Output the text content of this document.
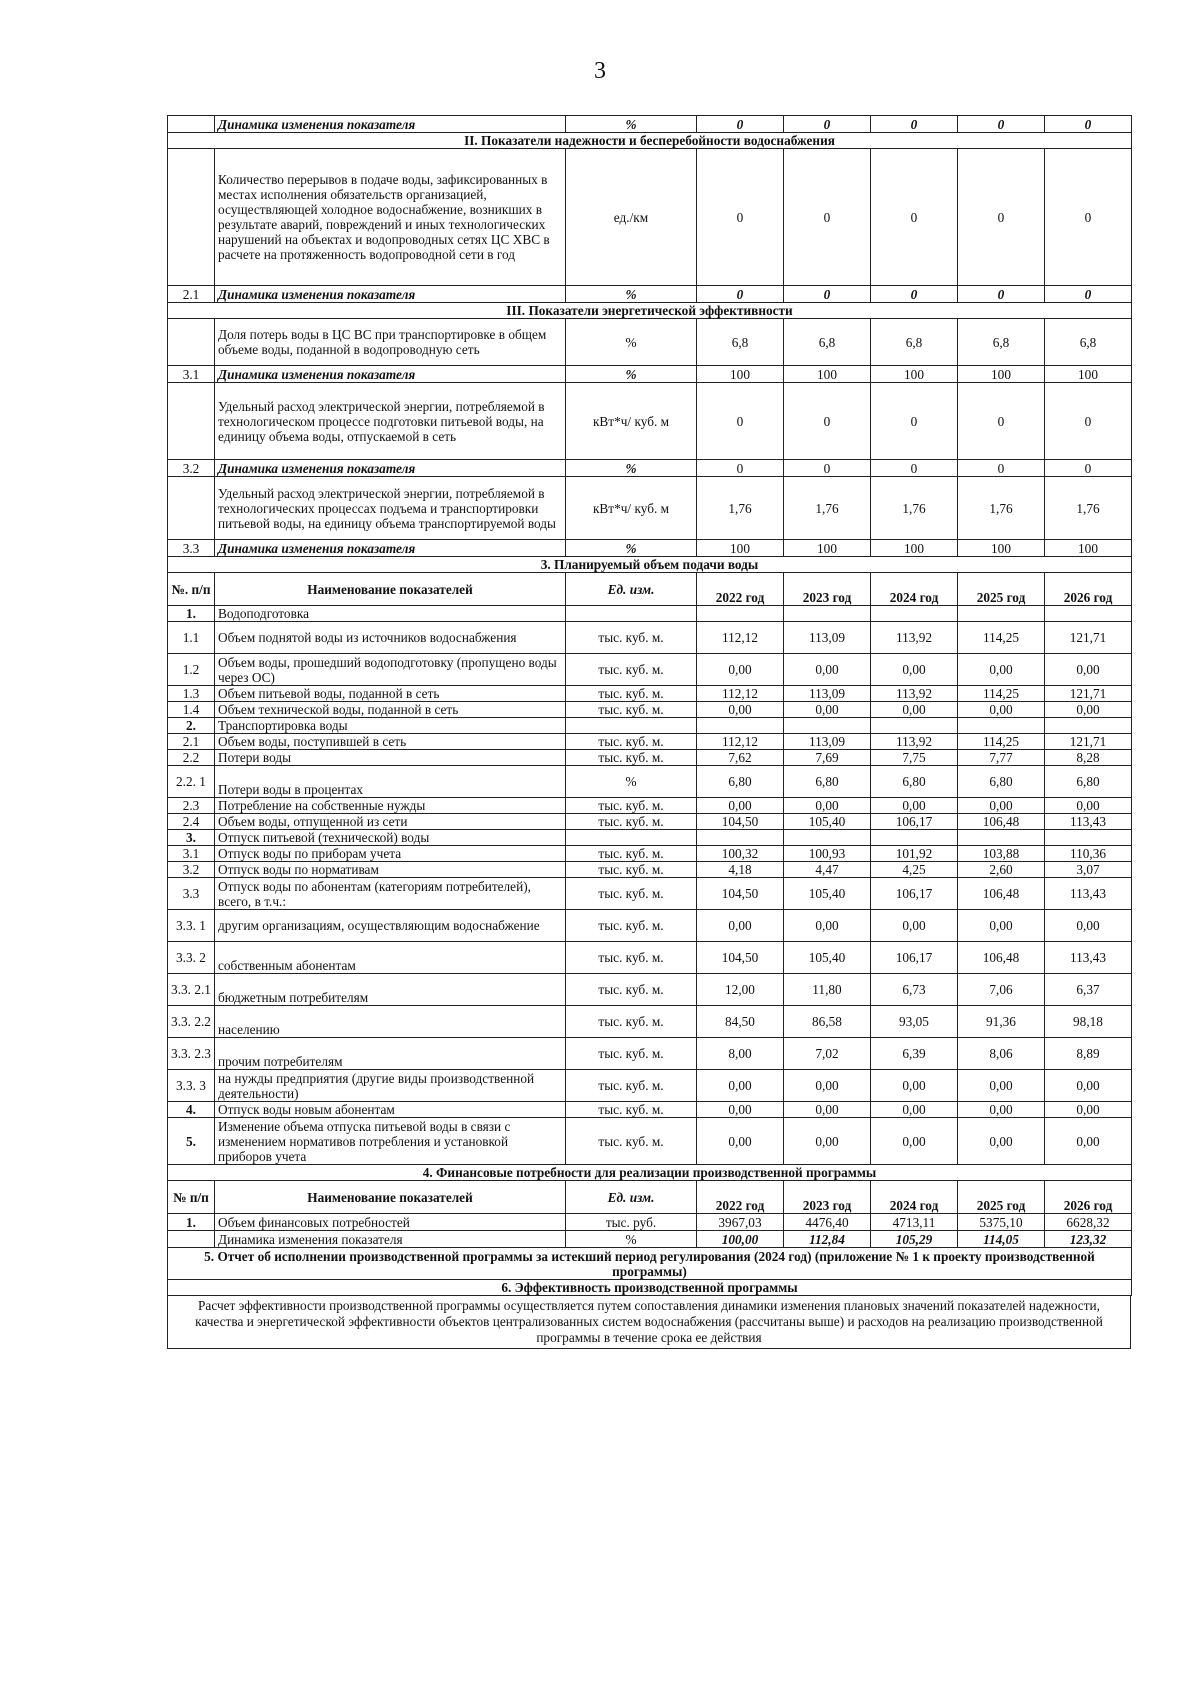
3
	Динамика изменения показателя	%	0	0	0	0	0
II. Показатели надежности и бесперебойности водоснабжения							
	Количество перерывов в подаче воды, зафиксированных в местах исполнения обязательств организацией, осуществляющей холодное водоснабжение, возникших в результате аварий, повреждений и иных технологических нарушений на объектах и водопроводных сетях ЦС ХВС в расчете на протяженность водопроводной сети в год	ед./км	0	0	0	0	0
2.1	Динамика изменения показателя	%	0	0	0	0	0
III. Показатели энергетической эффективности							
	Доля потерь воды в ЦС ВС при транспортировке в общем объеме воды, поданной в водопроводную сеть	%	6,8	6,8	6,8	6,8	6,8
3.1	Динамика изменения показателя	%	100	100	100	100	100
	Удельный расход электрической энергии, потребляемой в технологическом процессе подготовки питьевой воды, на единицу объема воды, отпускаемой в сеть	кВт*ч/ куб. м	0	0	0	0	0
3.2	Динамика изменения показателя	%	0	0	0	0	0
	Удельный расход электрической энергии, потребляемой в технологических процессах подъема и транспортировки питьевой воды, на единицу объема транспортируемой воды	кВт*ч/ куб. м	1,76	1,76	1,76	1,76	1,76
3.3	Динамика изменения показателя	%	100	100	100	100	100
3. Планируемый объем подачи воды							
№. п/п	Наименование показателей	Ед. изм.	2022 год	2023 год	2024 год	2025 год	2026 год
1.	Водоподготовка						
1.1	Объем поднятой воды из источников водоснабжения	тыс. куб. м.	112,12	113,09	113,92	114,25	121,71
1.2	Объем воды, прошедший водоподготовку (пропущено воды через ОС)	тыс. куб. м.	0,00	0,00	0,00	0,00	0,00
1.3	Объем питьевой воды, поданной в сеть	тыс. куб. м.	112,12	113,09	113,92	114,25	121,71
1.4	Объем технической воды, поданной в сеть	тыс. куб. м.	0,00	0,00	0,00	0,00	0,00
2.	Транспортировка воды						
2.1	Объем воды, поступившей в сеть	тыс. куб. м.	112,12	113,09	113,92	114,25	121,71
2.2	Потери воды	тыс. куб. м.	7,62	7,69	7,75	7,77	8,28
2.2. 1	Потери воды в процентах	%	6,80	6,80	6,80	6,80	6,80
2.3	Потребление на собственные нужды	тыс. куб. м.	0,00	0,00	0,00	0,00	0,00
2.4	Объем воды, отпущенной из сети	тыс. куб. м.	104,50	105,40	106,17	106,48	113,43
3.	Отпуск питьевой (технической) воды						
3.1	Отпуск воды по приборам учета	тыс. куб. м.	100,32	100,93	101,92	103,88	110,36
3.2	Отпуск воды по нормативам	тыс. куб. м.	4,18	4,47	4,25	2,60	3,07
3.3	Отпуск воды по абонентам (категориям потребителей), всего, в т.ч.:	тыс. куб. м.	104,50	105,40	106,17	106,48	113,43
3.3. 1	другим организациям, осуществляющим водоснабжение	тыс. куб. м.	0,00	0,00	0,00	0,00	0,00
3.3. 2	собственным абонентам	тыс. куб. м.	104,50	105,40	106,17	106,48	113,43
3.3. 2.1	бюджетным потребителям	тыс. куб. м.	12,00	11,80	6,73	7,06	6,37
3.3. 2.2	населению	тыс. куб. м.	84,50	86,58	93,05	91,36	98,18
3.3. 2.3	прочим потребителям	тыс. куб. м.	8,00	7,02	6,39	8,06	8,89
3.3. 3	на нужды предприятия (другие виды производственной деятельности)	тыс. куб. м.	0,00	0,00	0,00	0,00	0,00
4.	Отпуск воды новым абонентам	тыс. куб. м.	0,00	0,00	0,00	0,00	0,00
5.	Изменение объема отпуска питьевой воды в связи с изменением нормативов потребления и установкой приборов учета	тыс. куб. м.	0,00	0,00	0,00	0,00	0,00
4. Финансовые потребности для реализации производственной программы							
№ п/п	Наименование показателей	Ед. изм.	2022 год	2023 год	2024 год	2025 год	2026 год
1.	Объем финансовых потребностей	тыс. руб.	3967,03	4476,40	4713,11	5375,10	6628,32
	Динамика изменения показателя	%	100,00	112,84	105,29	114,05	123,32
5. Отчет об исполнении производственной программы за истекший период регулирования (2024 год) (приложение № 1 к проекту производственной программы)							
6. Эффективность производственной программы							
Расчет эффективности производственной программы осуществляется путем сопоставления динамики изменения плановых значений показателей надежности, качества и энергетической эффективности объектов централизованных систем водоснабжения (рассчитаны выше) и расходов на реализацию производственной программы в течение срока ее действия
